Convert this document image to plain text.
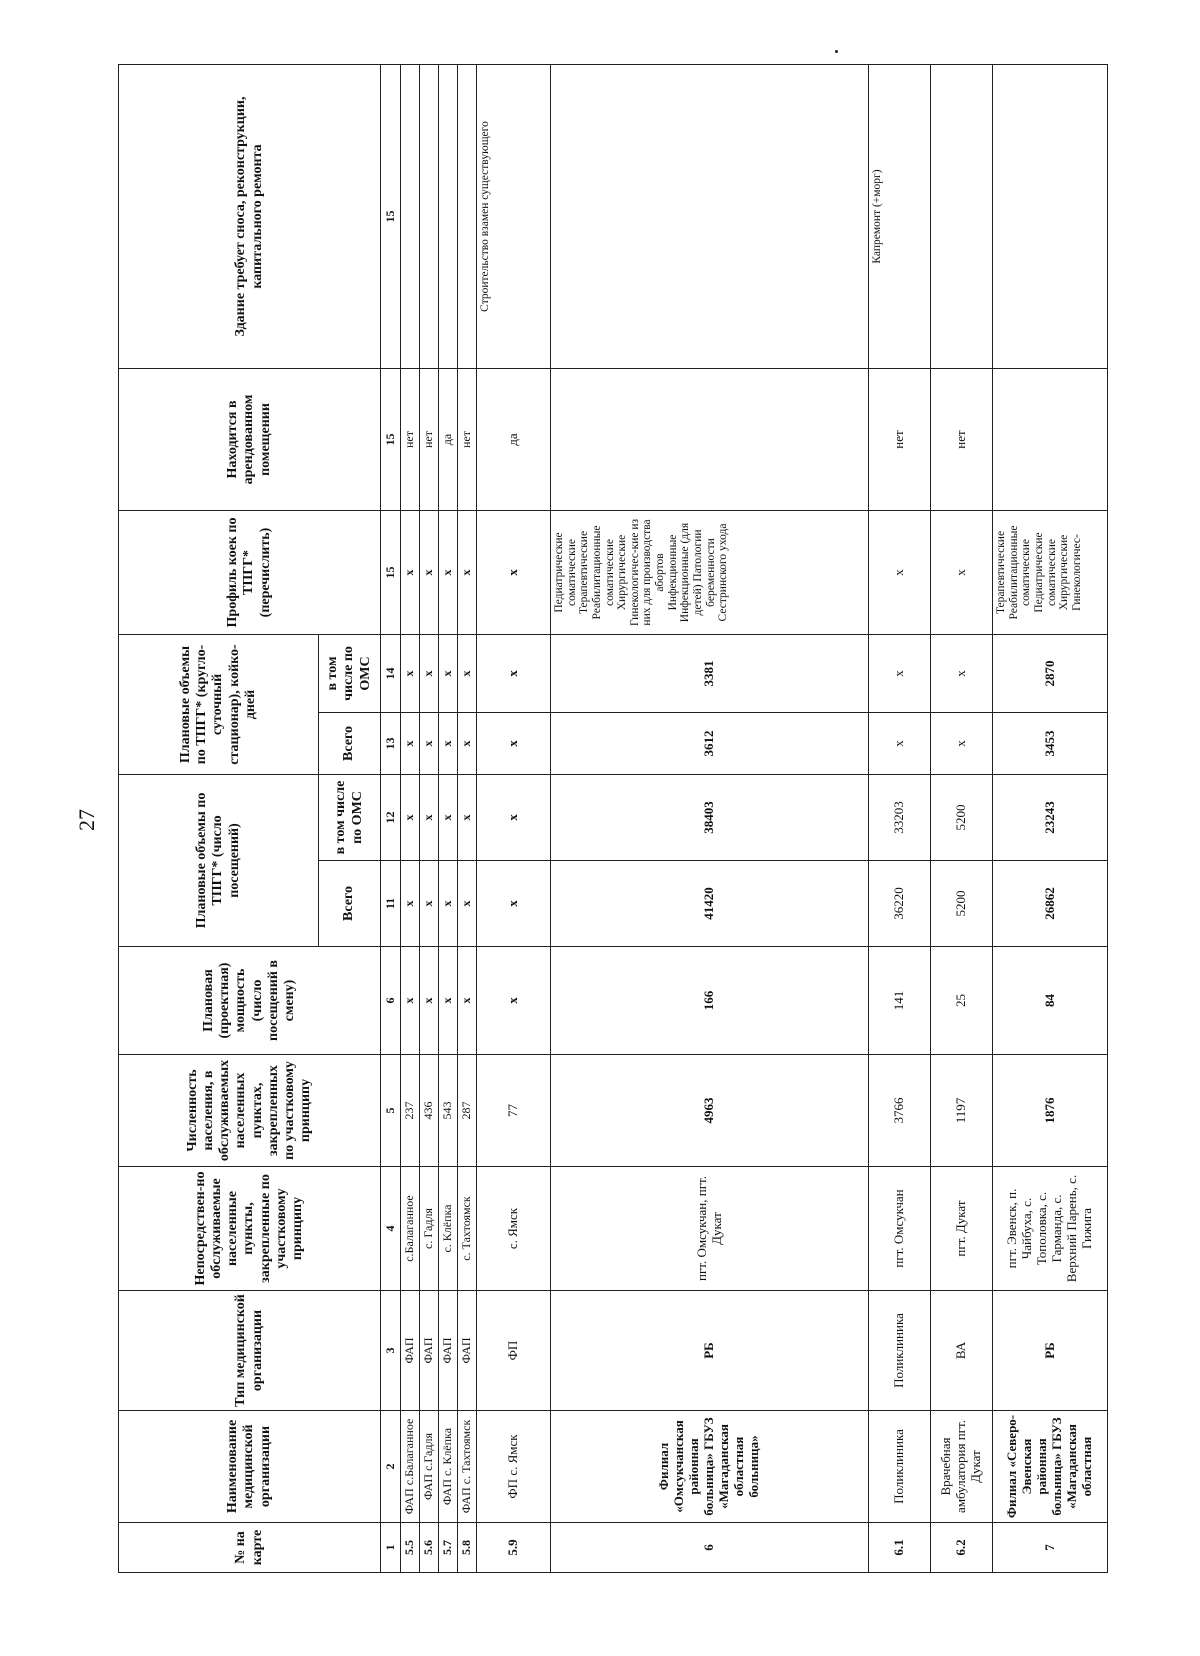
27
№ на карте	Наименование медицинской организации	Тип медицинской организации	Непосредствен-но обслуживаемые населенные пункты, закрепленные по участковому принципу	Численность населения, в обслуживаемых населенных пунктах, закрепленных по участковому принципу	Плановая (проектная) мощность (число посещений в смену)	Плановые объемы по ТПГГ* (число посещений)		Плановые объемы по ТПГГ* (кругло-суточный стационар), койко-дней		Профиль коек по ТПГГ* (перечислить)	Находится в арендованном помещении	Здание требует сноса, реконструкции, капитального ремонта
						Всего	в том числе по ОМС	Всего	в том числе по ОМС			
1	2	3	4	5	6	11	12	13	14	15	15	15
5.5	ФАП с.Балаганное	ФАП	с.Балаганное	237	x	x	x	x	x	x	нет	
5.6	ФАП с.Гадля	ФАП	с. Гадля	436	x	x	x	x	x	x	нет	
5.7	ФАП с. Клёпка	ФАП	с. Клёпка	543	x	x	x	x	x	x	да	
5.8	ФАП с. Тахтоямск	ФАП	с. Тахтоямск	287	x	x	x	x	x	x	нет	
5.9	ФП с. Ямск	ФП	с. Ямск	77	x	x	x	x	x	x	да	Строительство взамен существующего
6	Филиал «Омсукчанская районная больница» ГБУЗ «Магаданская областная больница»	РБ	пгт. Омсукчан, пгт. Дукат	4963	166	41420	38403	3612	3381	Педиатрические соматические Терапевтические Реабилитационные соматические Хирургические Гинекологичес-кие из них для производства абортов Инфекционные Инфекционные (для детей) Патологии беременности Сестринского ухода		
6.1	Поликлиника	Поликлиника	пгт. Омсукчан	3766	141	36220	33203	x	x	x	нет	Капремонт (+морг)
6.2	Врачебная амбулатория пгт. Дукат	ВА	пгт. Дукат	1197	25	5200	5200	x	x	x	нет	
7	Филиал «Северо-Эвенская районная больница» ГБУЗ «Магаданская областная	РБ	пгт. Эвенск, п. Чайбуха, с. Тополовка, с. Гарманда, с. Верхний Парень, с. Гижига	1876	84	26862	23243	3453	2870	Терапевтические Реабилитационные соматические Педиатрические соматические Хирургические Гинекологичес-		
